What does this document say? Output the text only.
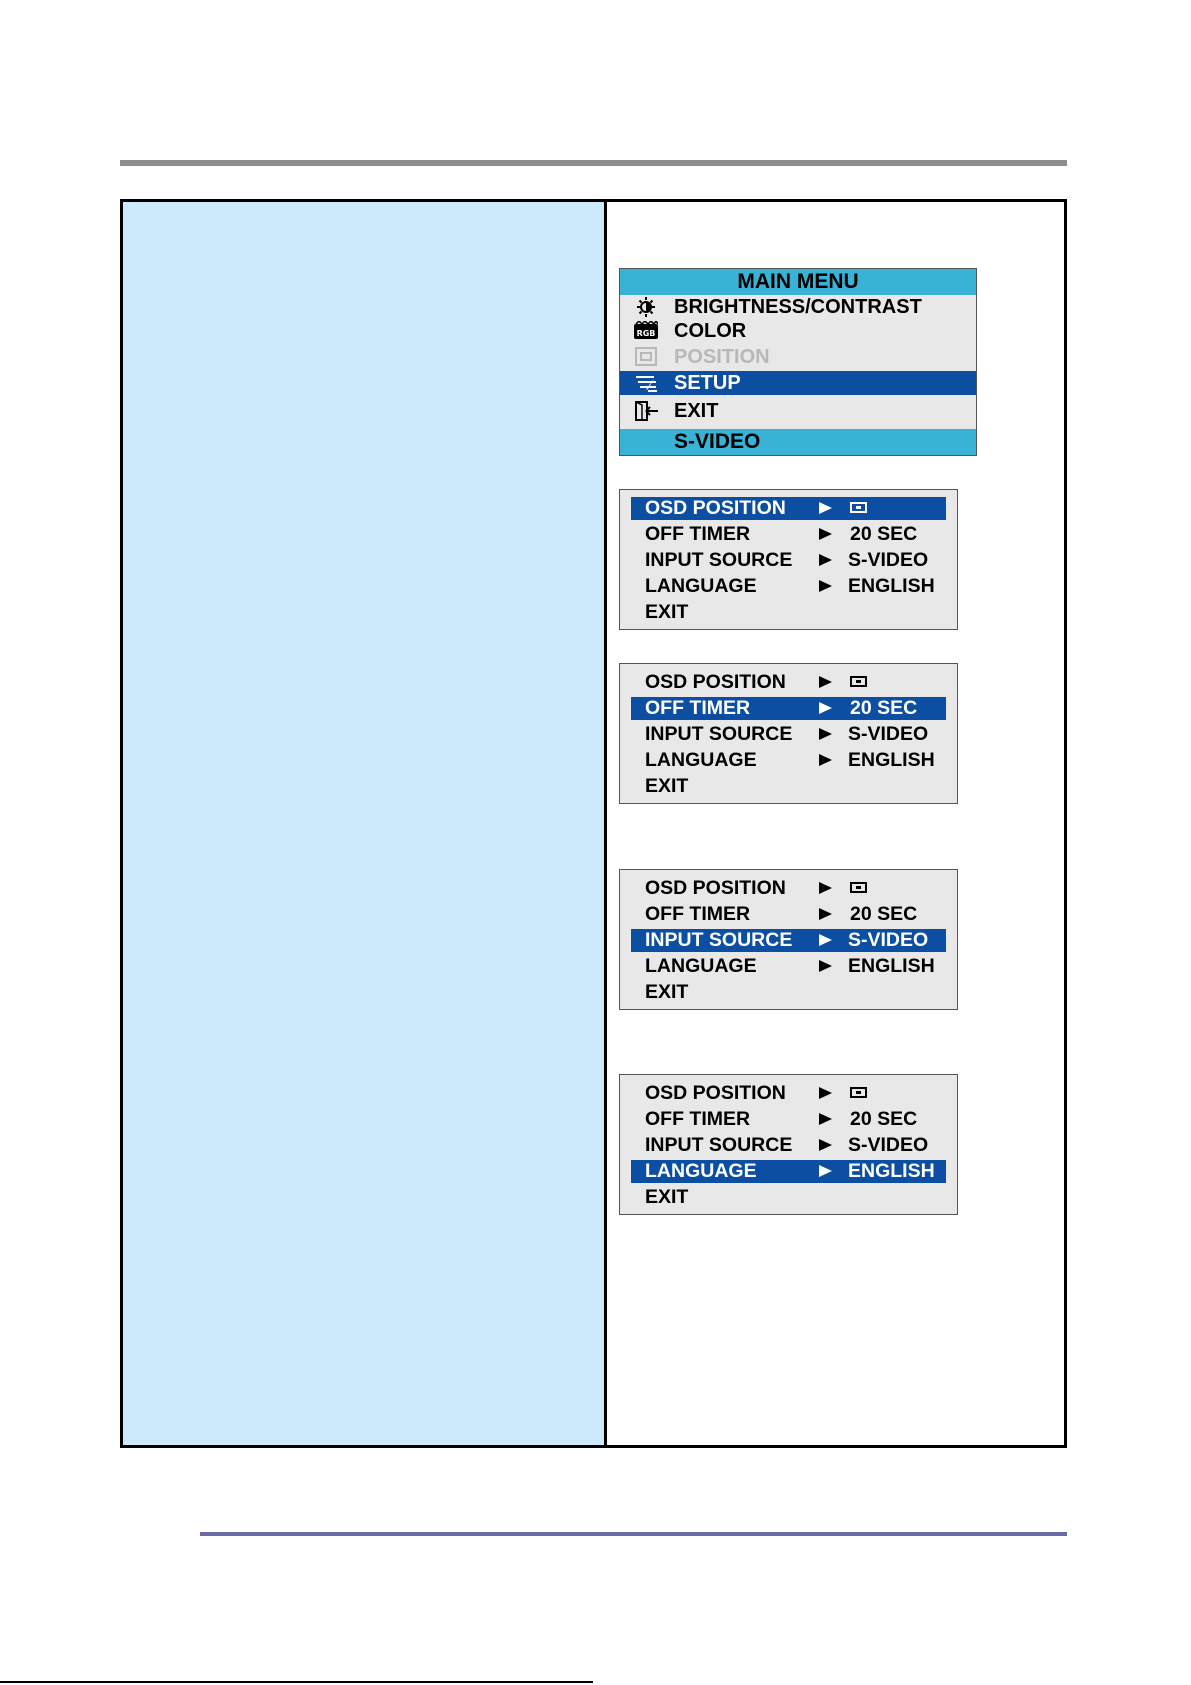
MAIN MENU
BRIGHTNESS/CONTRAST
RGB COLOR
POSITION
SETUP
EXIT
S-VIDEO
OSD POSITION
OFF TIMER	20 SEC
INPUT SOURCE	S-VIDEO
LANGUAGE	ENGLISH
EXIT
OSD POSITION
OFF TIMER	20 SEC
INPUT SOURCE	S-VIDEO
LANGUAGE	ENGLISH
EXIT
OSD POSITION
OFF TIMER	20 SEC
INPUT SOURCE	S-VIDEO
LANGUAGE	ENGLISH
EXIT
OSD POSITION
OFF TIMER	20 SEC
INPUT SOURCE	S-VIDEO
LANGUAGE	ENGLISH
EXIT
